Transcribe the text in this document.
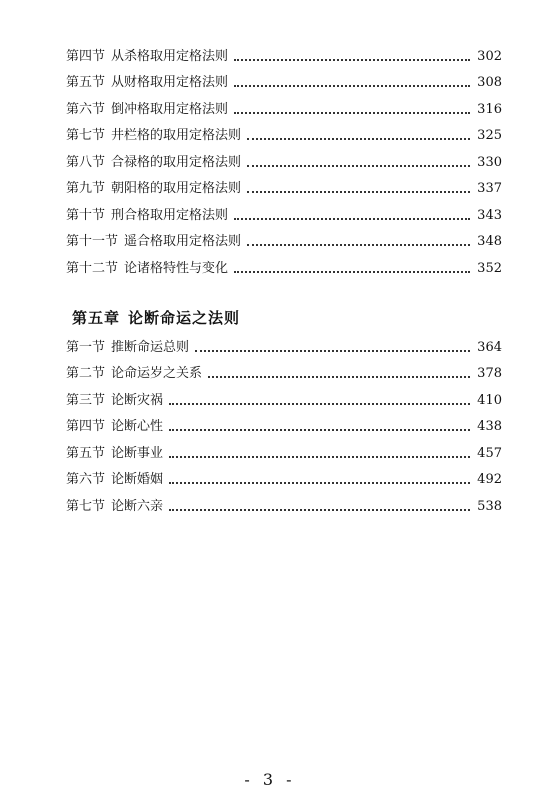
第四节 从杀格取用定格法则	302
第五节 从财格取用定格法则	308
第六节 倒冲格取用定格法则	316
第七节 井栏格的取用定格法则	325
第八节 合禄格的取用定格法则	330
第九节 朝阳格的取用定格法则	337
第十节 刑合格取用定格法则	343
第十一节 遥合格取用定格法则	348
第十二节 论诸格特性与变化	352
第五章 论断命运之法则
第一节 推断命运总则	364
第二节 论命运岁之关系	378
第三节 论断灾祸	410
第四节 论断心性	438
第五节 论断事业	457
第六节 论断婚姻	492
第七节 论断六亲	538
- 3 -
